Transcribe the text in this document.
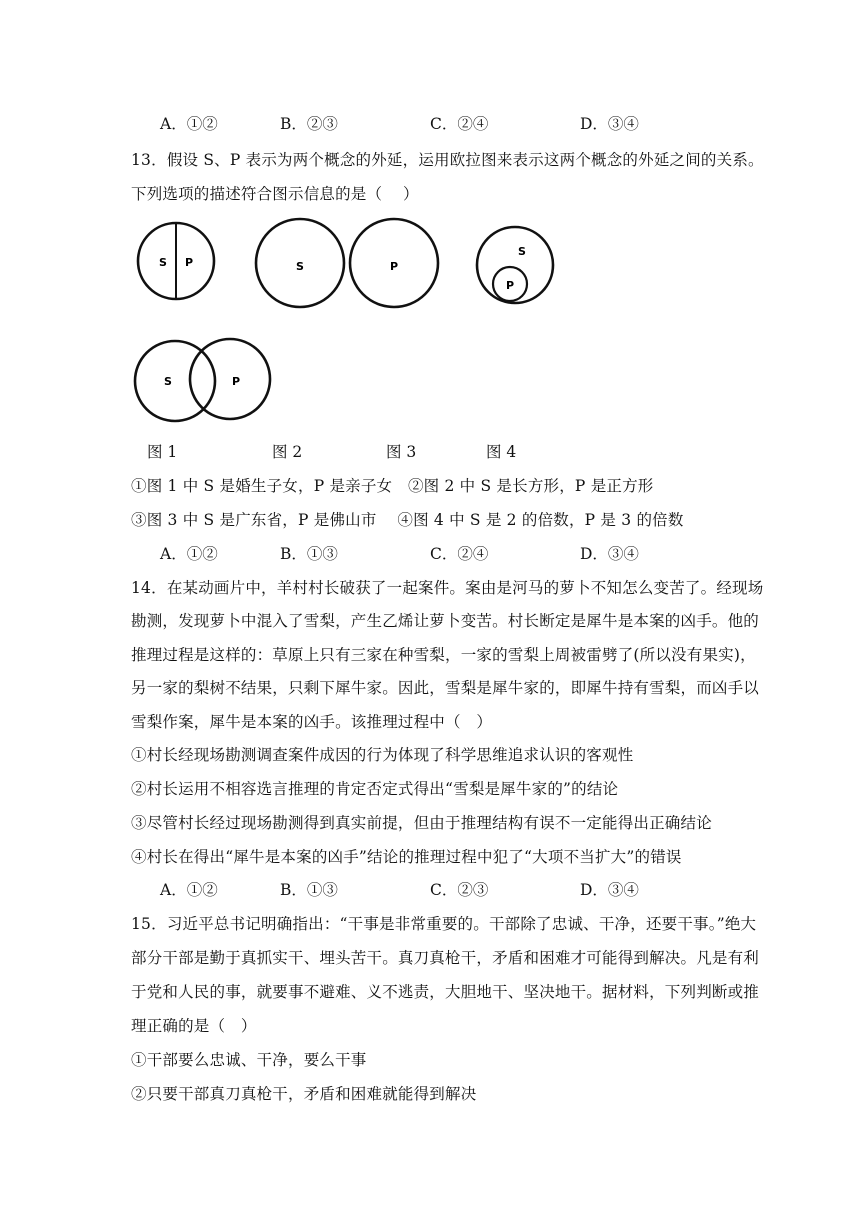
A．①②	B．②③	C．②④	D．③④
13．假设 S、P 表示为两个概念的外延，运用欧拉图来表示这两个概念的外延之间的关系。
下列选项的描述符合图示信息的是（　 ）
S P	S	P
S
P
S	P
图 1	图 2	图 3	图 4
①图 1 中 S 是婚生子女，P 是亲子女　②图 2 中 S 是长方形，P 是正方形
③图 3 中 S 是广东省，P 是佛山市　 ④图 4 中 S 是 2 的倍数，P 是 3 的倍数
A．①②	B．①③	C．②④	D．③④
14．在某动画片中，羊村村长破获了一起案件。案由是河马的萝卜不知怎么变苦了。经现场
勘测，发现萝卜中混入了雪梨，产生乙烯让萝卜变苦。村长断定是犀牛是本案的凶手。他的
推理过程是这样的：草原上只有三家在种雪梨，一家的雪梨上周被雷劈了(所以没有果实)，
另一家的梨树不结果，只剩下犀牛家。因此，雪梨是犀牛家的，即犀牛持有雪梨，而凶手以
雪梨作案，犀牛是本案的凶手。该推理过程中（　）
①村长经现场勘测调查案件成因的行为体现了科学思维追求认识的客观性
②村长运用不相容选言推理的肯定否定式得出“雪梨是犀牛家的”的结论
③尽管村长经过现场勘测得到真实前提，但由于推理结构有误不一定能得出正确结论
④村长在得出“犀牛是本案的凶手”结论的推理过程中犯了“大项不当扩大”的错误
A．①②	B．①③	C．②③	D．③④
15．习近平总书记明确指出：“干事是非常重要的。干部除了忠诚、干净，还要干事。”绝大
部分干部是勤于真抓实干、埋头苦干。真刀真枪干，矛盾和困难才可能得到解决。凡是有利
于党和人民的事，就要事不避难、义不逃责，大胆地干、坚决地干。据材料，下列判断或推
理正确的是（　）
①干部要么忠诚、干净，要么干事
②只要干部真刀真枪干，矛盾和困难就能得到解决
